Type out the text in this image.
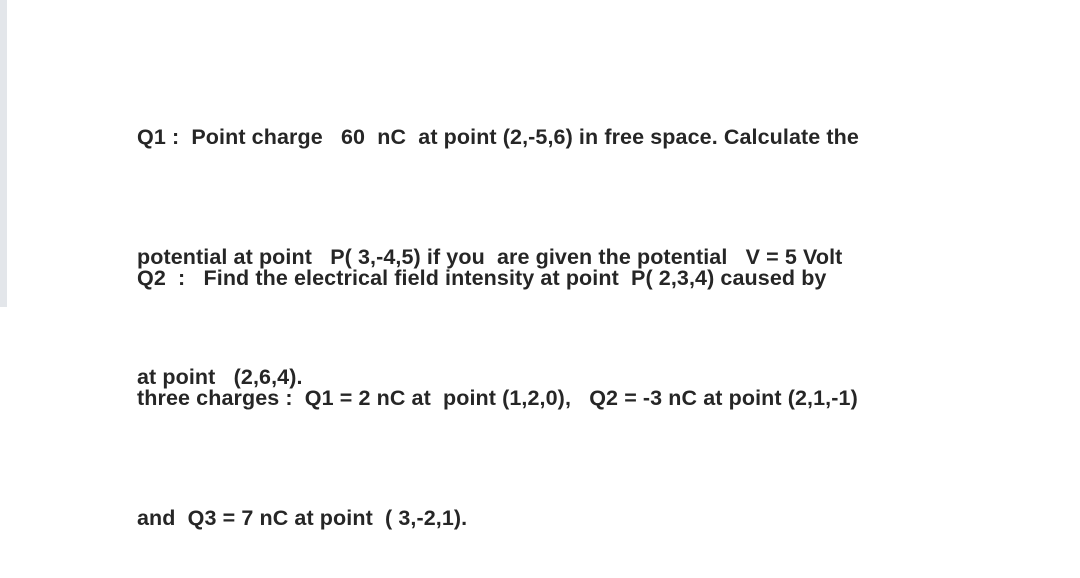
Q1 :  Point charge   60  nC  at point (2,-5,6) in free space. Calculate the

potential at point   P( 3,-4,5) if you  are given the potential   V = 5 Volt

at point   (2,6,4).

Q2  :   Find the electrical field intensity at point  P( 2,3,4) caused by

three charges :  Q1 = 2 nC at  point (1,2,0),   Q2 = -3 nC at point (2,1,-1)

and  Q3 = 7 nC at point  ( 3,-2,1).
